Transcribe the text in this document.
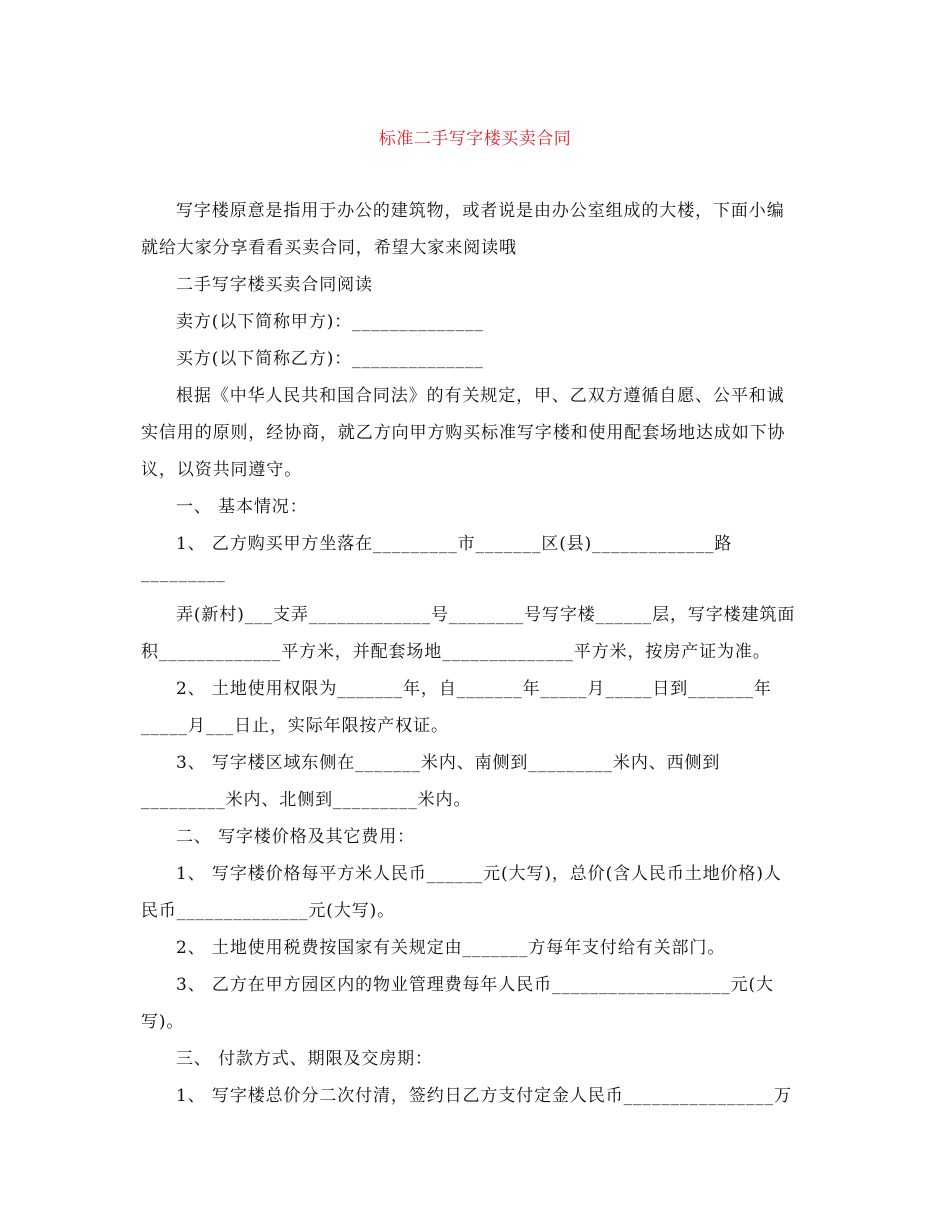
标准二手写字楼买卖合同
写字楼原意是指用于办公的建筑物，或者说是由办公室组成的大楼，下面小编
就给大家分享看看买卖合同，希望大家来阅读哦
二手写字楼买卖合同阅读
卖方(以下简称甲方)：______________
买方(以下简称乙方)：______________
根据《中华人民共和国合同法》的有关规定，甲、乙双方遵循自愿、公平和诚
实信用的原则，经协商，就乙方向甲方购买标准写字楼和使用配套场地达成如下协
议，以资共同遵守。
一、 基本情况：
1、 乙方购买甲方坐落在_________市_______区(县)_____________路
_________
弄(新村)___支弄_____________号________号写字楼______层，写字楼建筑面
积_____________平方米，并配套场地______________平方米，按房产证为准。
2、 土地使用权限为_______年，自_______年_____月_____日到_______年
_____月___日止，实际年限按产权证。
3、 写字楼区域东侧在_______米内、南侧到_________米内、西侧到
_________米内、北侧到_________米内。
二、 写字楼价格及其它费用：
1、 写字楼价格每平方米人民币______元(大写)，总价(含人民币土地价格)人
民币______________元(大写)。
2、 土地使用税费按国家有关规定由_______方每年支付给有关部门。
3、 乙方在甲方园区内的物业管理费每年人民币___________________元(大
写)。
三、 付款方式、期限及交房期：
1、 写字楼总价分二次付清，签约日乙方支付定金人民币________________万
